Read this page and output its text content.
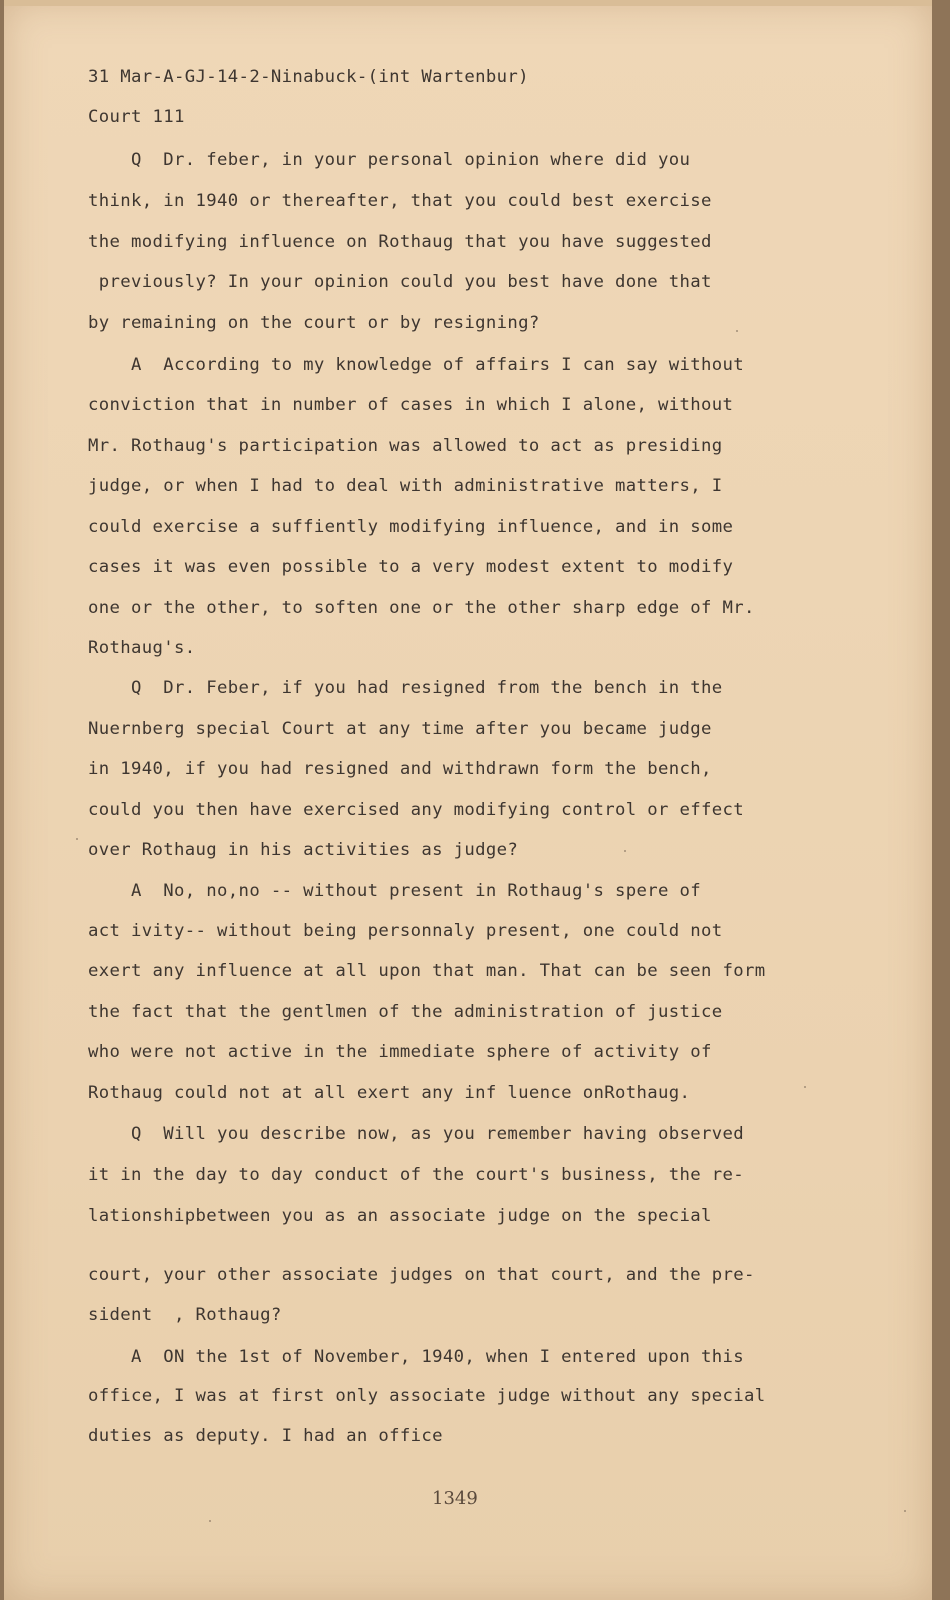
31 Mar-A-GJ-14-2-Ninabuck-(int Wartenbur)

Court 111

Q  Dr. feber, in your personal opinion where did you

think, in 1940 or thereafter, that you could best exercise

the modifying influence on Rothaug that you have suggested

previously? In your opinion could you best have done that

by remaining on the court or by resigning?

A  According to my knowledge of affairs I can say without

conviction that in number of cases in which I alone, without

Mr. Rothaug's participation was allowed to act as presiding

judge, or when I had to deal with administrative matters, I

could exercise a suffiently modifying influence, and in some

cases it was even possible to a very modest extent to modify

one or the other, to soften one or the other sharp edge of Mr.

Rothaug's.

Q  Dr. Feber, if you had resigned from the bench in the

Nuernberg special Court at any time after you became judge

in 1940, if you had resigned and withdrawn form the bench,

could you then have exercised any modifying control or effect

over Rothaug in his activities as judge?

A  No, no,no -- without present in Rothaug's spere of

act ivity-- without being personnaly present, one could not

exert any influence at all upon that man. That can be seen form

the fact that the gentlmen of the administration of justice

who were not active in the immediate sphere of activity of

Rothaug could not at all exert any inf luence onRothaug.

Q  Will you describe now, as you remember having observed

it in the day to day conduct of the court's business, the re-

lationshipbetween you as an associate judge on the special

court, your other associate judges on that court, and the pre-

sident  , Rothaug?

A  ON the 1st of November, 1940, when I entered upon this

office, I was at first only associate judge without any special

duties as deputy. I had an office

1349
